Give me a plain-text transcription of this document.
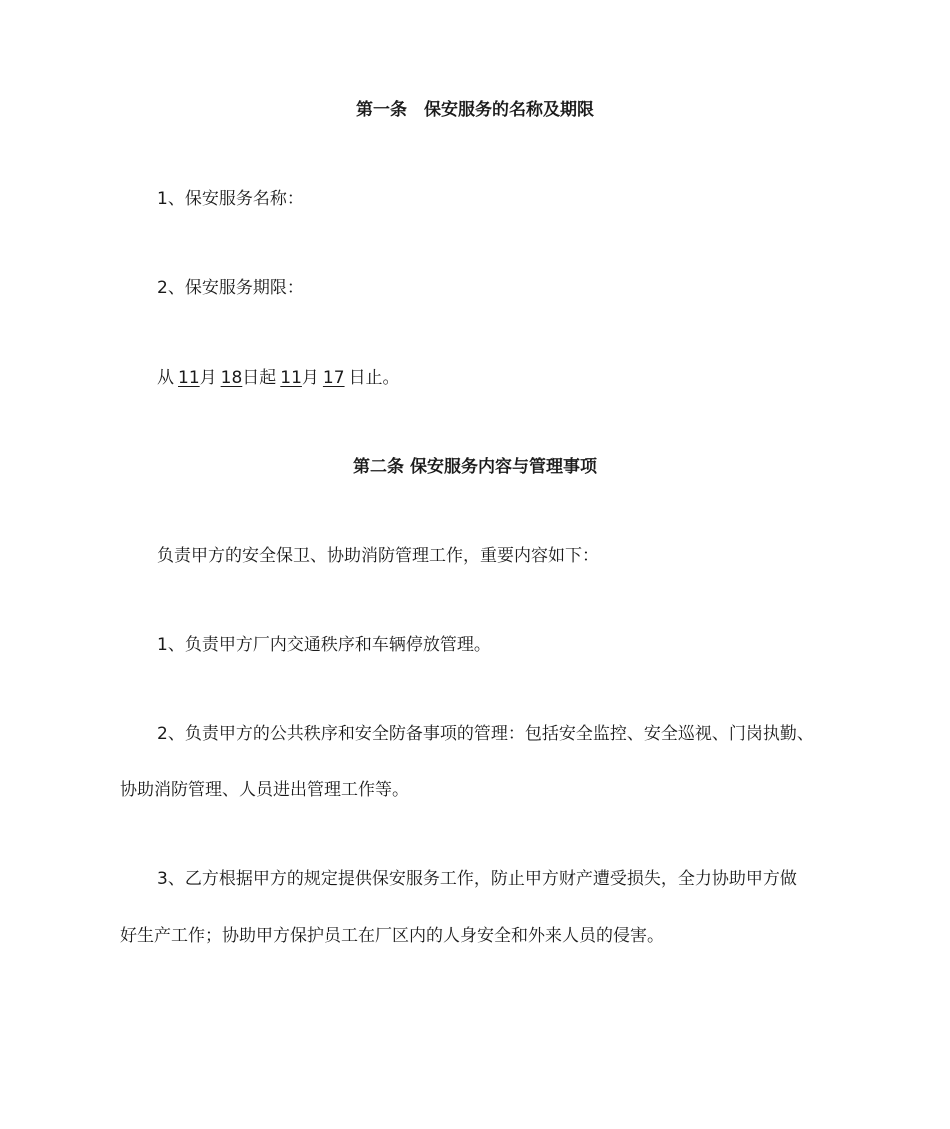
第一条　保安服务的名称及期限
1、保安服务名称：
2、保安服务期限：
从 11月 18日起 11月 17 日止。
第二条 保安服务内容与管理事项
负责甲方的安全保卫、协助消防管理工作，重要内容如下：
1、负责甲方厂内交通秩序和车辆停放管理。
2、负责甲方的公共秩序和安全防备事项的管理：包括安全监控、安全巡视、门岗执勤、
协助消防管理、人员进出管理工作等。
3、乙方根据甲方的规定提供保安服务工作，防止甲方财产遭受损失，全力协助甲方做
好生产工作；协助甲方保护员工在厂区内的人身安全和外来人员的侵害。
